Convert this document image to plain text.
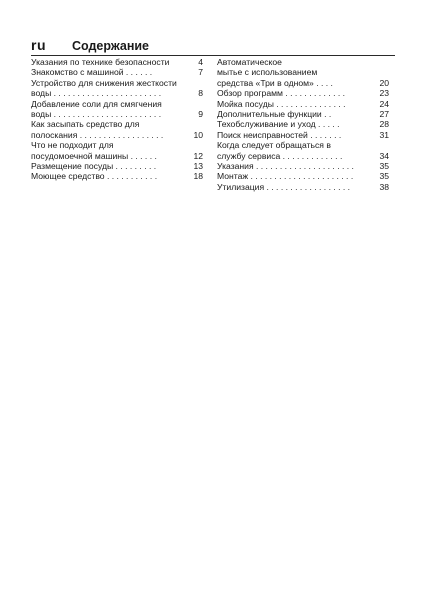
ru Содержание
Указания по технике безопасности	4
Знакомство с машиной . . . . . .	7
Устройство для снижения жесткости
воды . . . . . . . . . . . . . . . . . . . . . . .	8
Добавление соли для смягчения
воды . . . . . . . . . . . . . . . . . . . . . . .	9
Как засыпать средство для
полоскания . . . . . . . . . . . . . . . . . .	10
Что не подходит для
посудомоечной машины . . . . . .	12
Размещение посуды . . . . . . . . .	13
Моющее средство . . . . . . . . . . .	18
Автоматическое
мытье с использованием
средства «Три в одном» . . . .	20
Обзор программ . . . . . . . . . . . . .	23
Мойка посуды . . . . . . . . . . . . . . .	24
Дополнительные функции . .	27
Техобслуживание и уход . . . . .	28
Поиск неисправностей . . . . . . .	31
Когда следует обращаться в
службу сервиса . . . . . . . . . . . . .	34
Указания . . . . . . . . . . . . . . . . . . . . .	35
Монтаж . . . . . . . . . . . . . . . . . . . . . .	35
Утилизация . . . . . . . . . . . . . . . . . .	38
